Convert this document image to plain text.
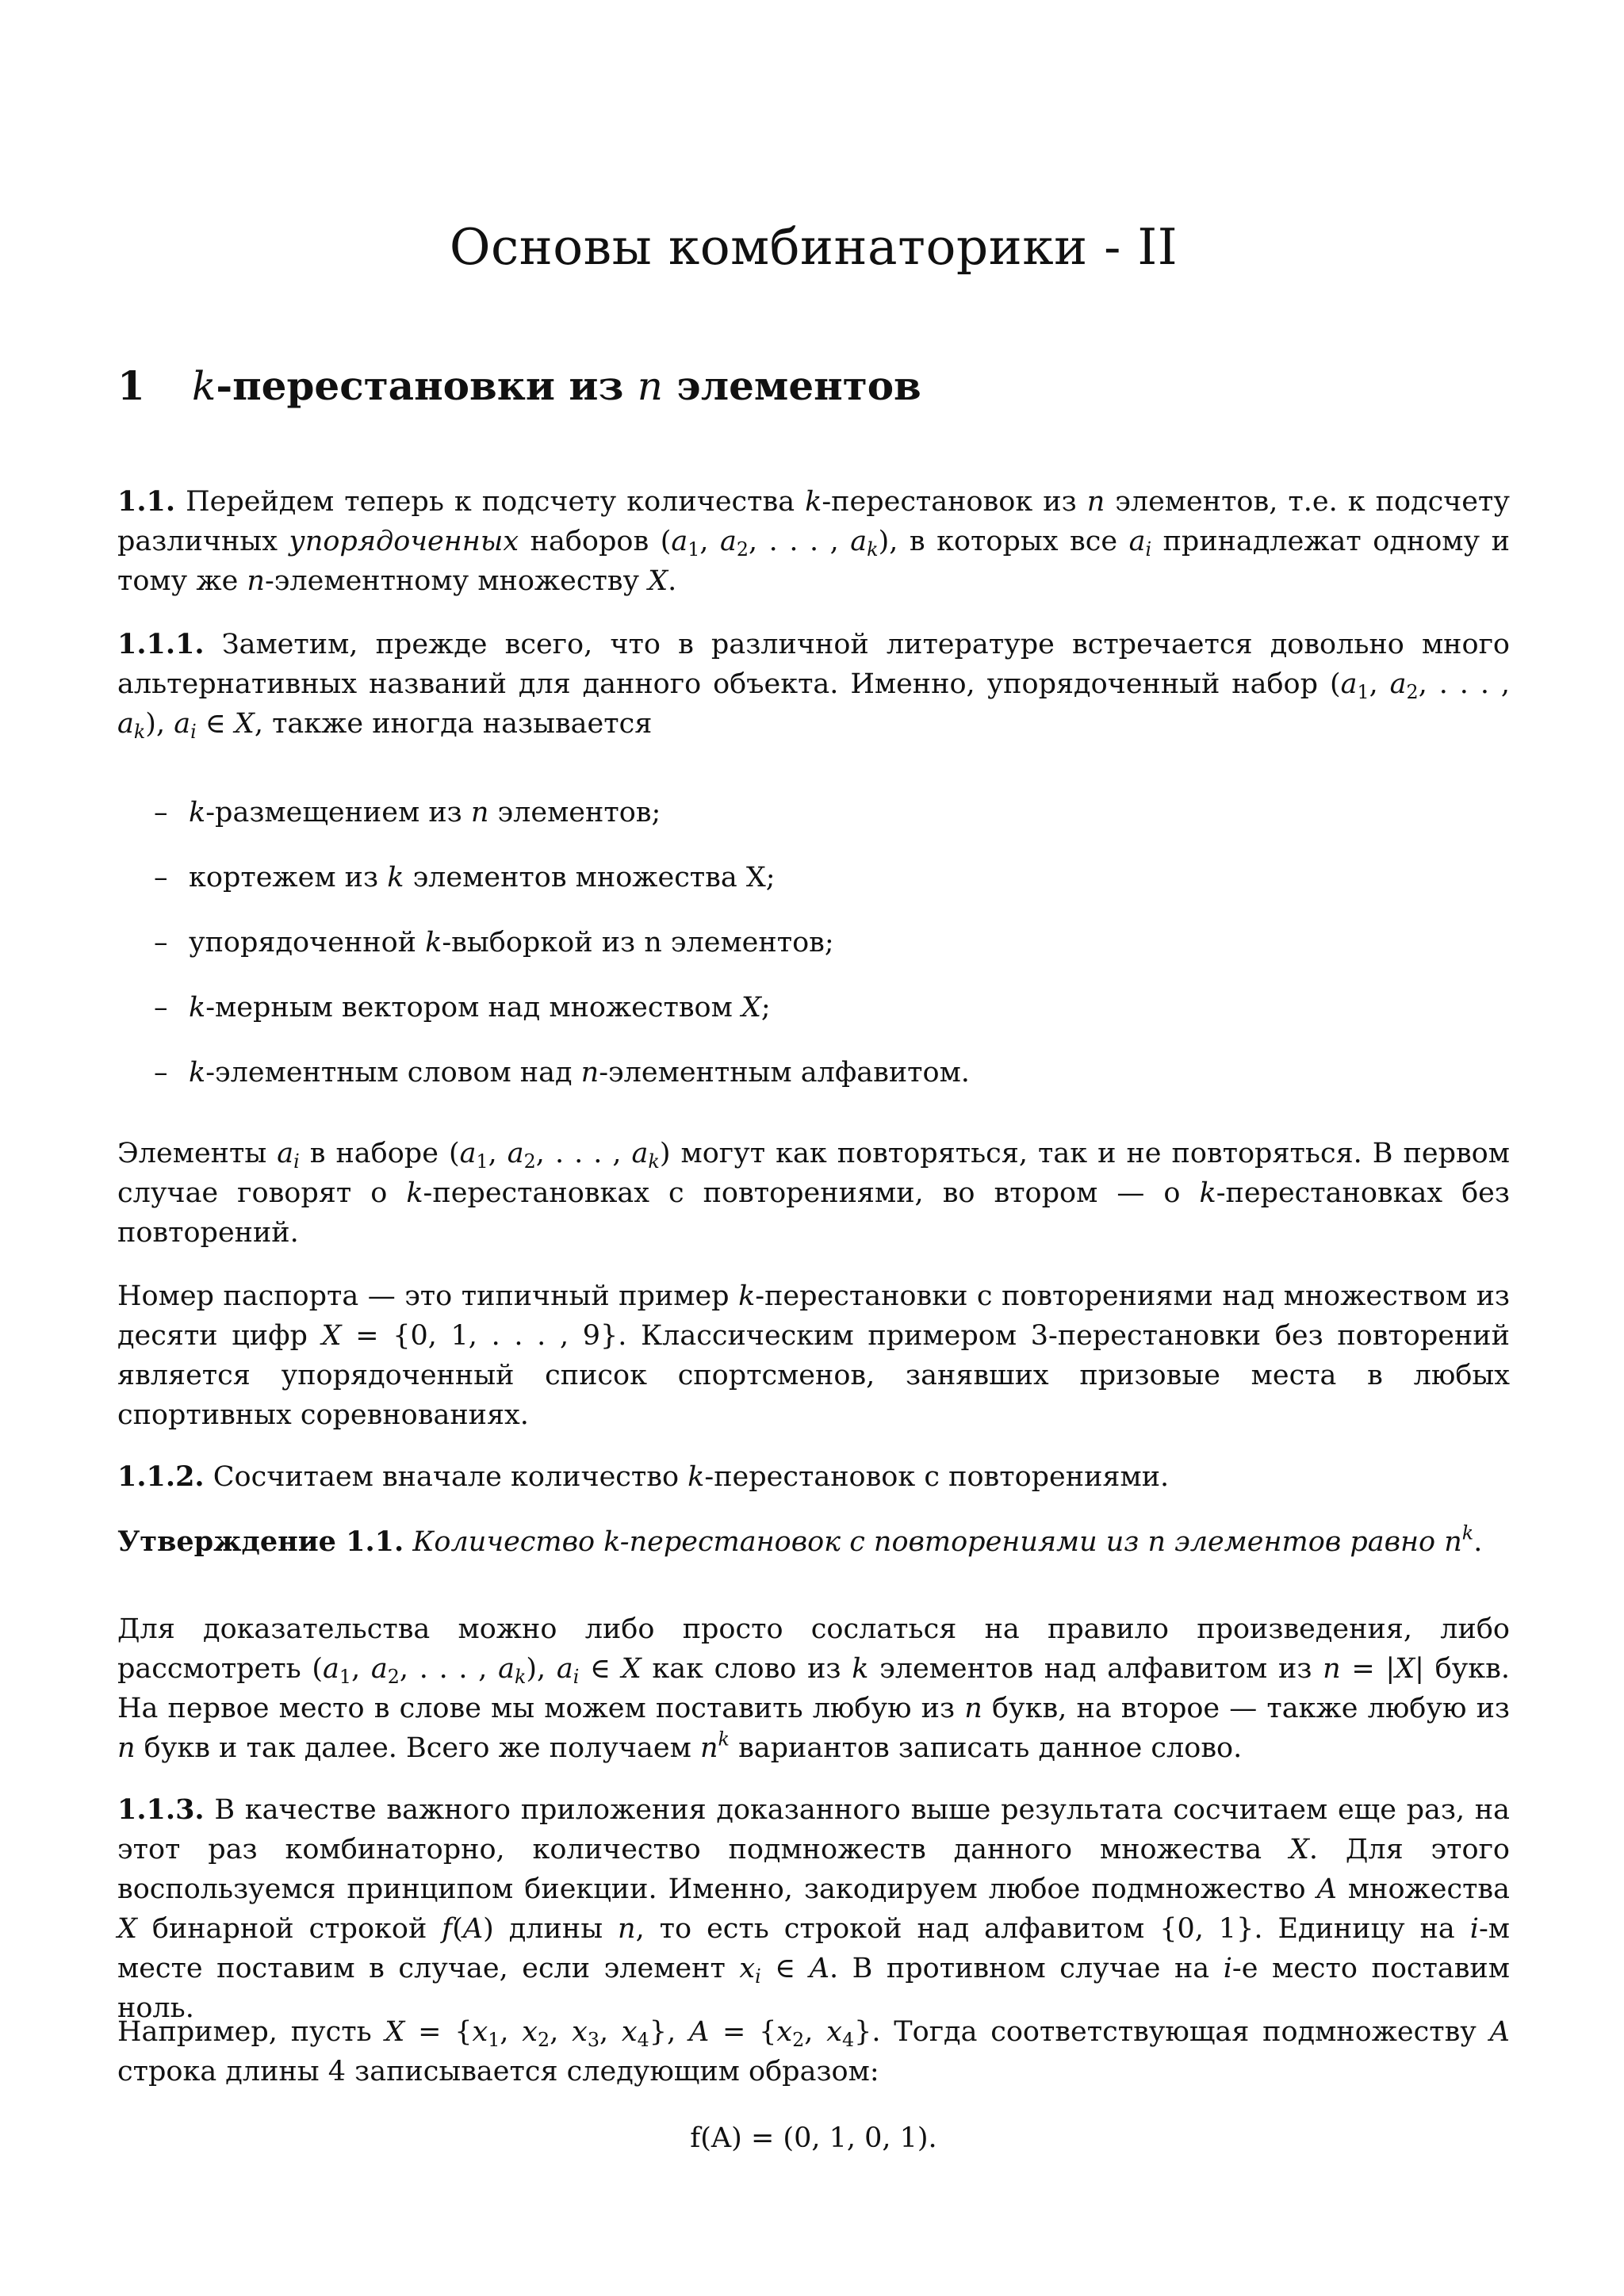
Основы комбинаторики - II
1 k-перестановки из n элементов

1.1. Перейдем теперь к подсчету количества k-перестановок из n элементов, т.е. к подсчету различных упорядоченных наборов ($a_1$, $a_2$, . . . , $a_k$), в которых все $a_i$ принадлежат одному и тому же n-элементному множеству X.

1.1.1. Заметим, прежде всего, что в различной литературе встречается довольно много альтернативных названий для данного объекта. Именно, упорядоченный набор ($a_1$, $a_2$, . . . , $a_k$), $a_i$ ∈ X, также иногда называется

– k-размещением из n элементов;
– кортежем из k элементов множества X;
– упорядоченной k-выборкой из n элементов;
– k-мерным вектором над множеством X;
– k-элементным словом над n-элементным алфавитом.

Элементы $a_i$ в наборе ($a_1$, $a_2$, . . . , $a_k$) могут как повторяться, так и не повторяться. В первом случае говорят о k-перестановках с повторениями, во втором — о k-перестановках без повторений.

Номер паспорта — это типичный пример k-перестановки с повторениями над множеством из десяти цифр X = {0, 1, . . . , 9}. Классическим примером 3-перестановки без повторений является упорядоченный список спортсменов, занявших призовые места в любых спортивных соревнованиях.

1.1.2. Сосчитаем вначале количество k-перестановок с повторениями.

Утверждение 1.1. Количество k-перестановок с повторениями из n элементов равно $n^k$.

Для доказательства можно либо просто сослаться на правило произведения, либо рассмотреть ($a_1$, $a_2$, . . . , $a_k$), $a_i$ ∈ X как слово из k элементов над алфавитом из n = |X| букв. На первое место в слове мы можем поставить любую из n букв, на второе — также любую из n букв и так далее. Всего же получаем $n^k$ вариантов записать данное слово.

1.1.3. В качестве важного приложения доказанного выше результата сосчитаем еще раз, на этот раз комбинаторно, количество подмножеств данного множества X. Для этого воспользуемся принципом биекции. Именно, закодируем любое подмножество A множества X бинарной строкой f(A) длины n, то есть строкой над алфавитом {0, 1}. Единицу на i-м месте поставим в случае, если элемент $x_i$ ∈ A. В противном случае на i-е место поставим ноль.

Например, пусть $X = \{x_1$, $x_2$, $x_3$, $x_4$}, $A = \{x_2$, $x_4$}. Тогда соответствующая подмножеству A строка длины 4 записывается следующим образом:

f(A) = (0, 1, 0, 1).
